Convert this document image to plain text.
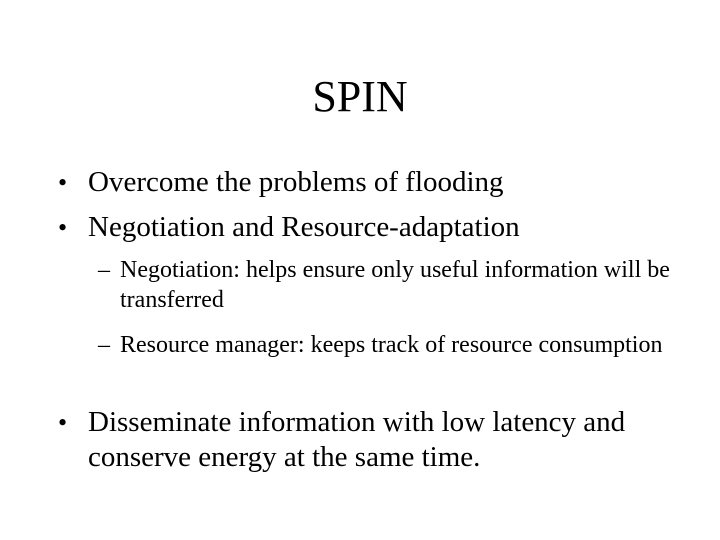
SPIN

• Overcome the problems of flooding

• Negotiation and Resource-adaptation

– Negotiation: helps ensure only useful information will be transferred

– Resource manager: keeps track of resource consumption

• Disseminate information with low latency and conserve energy at the same time.
